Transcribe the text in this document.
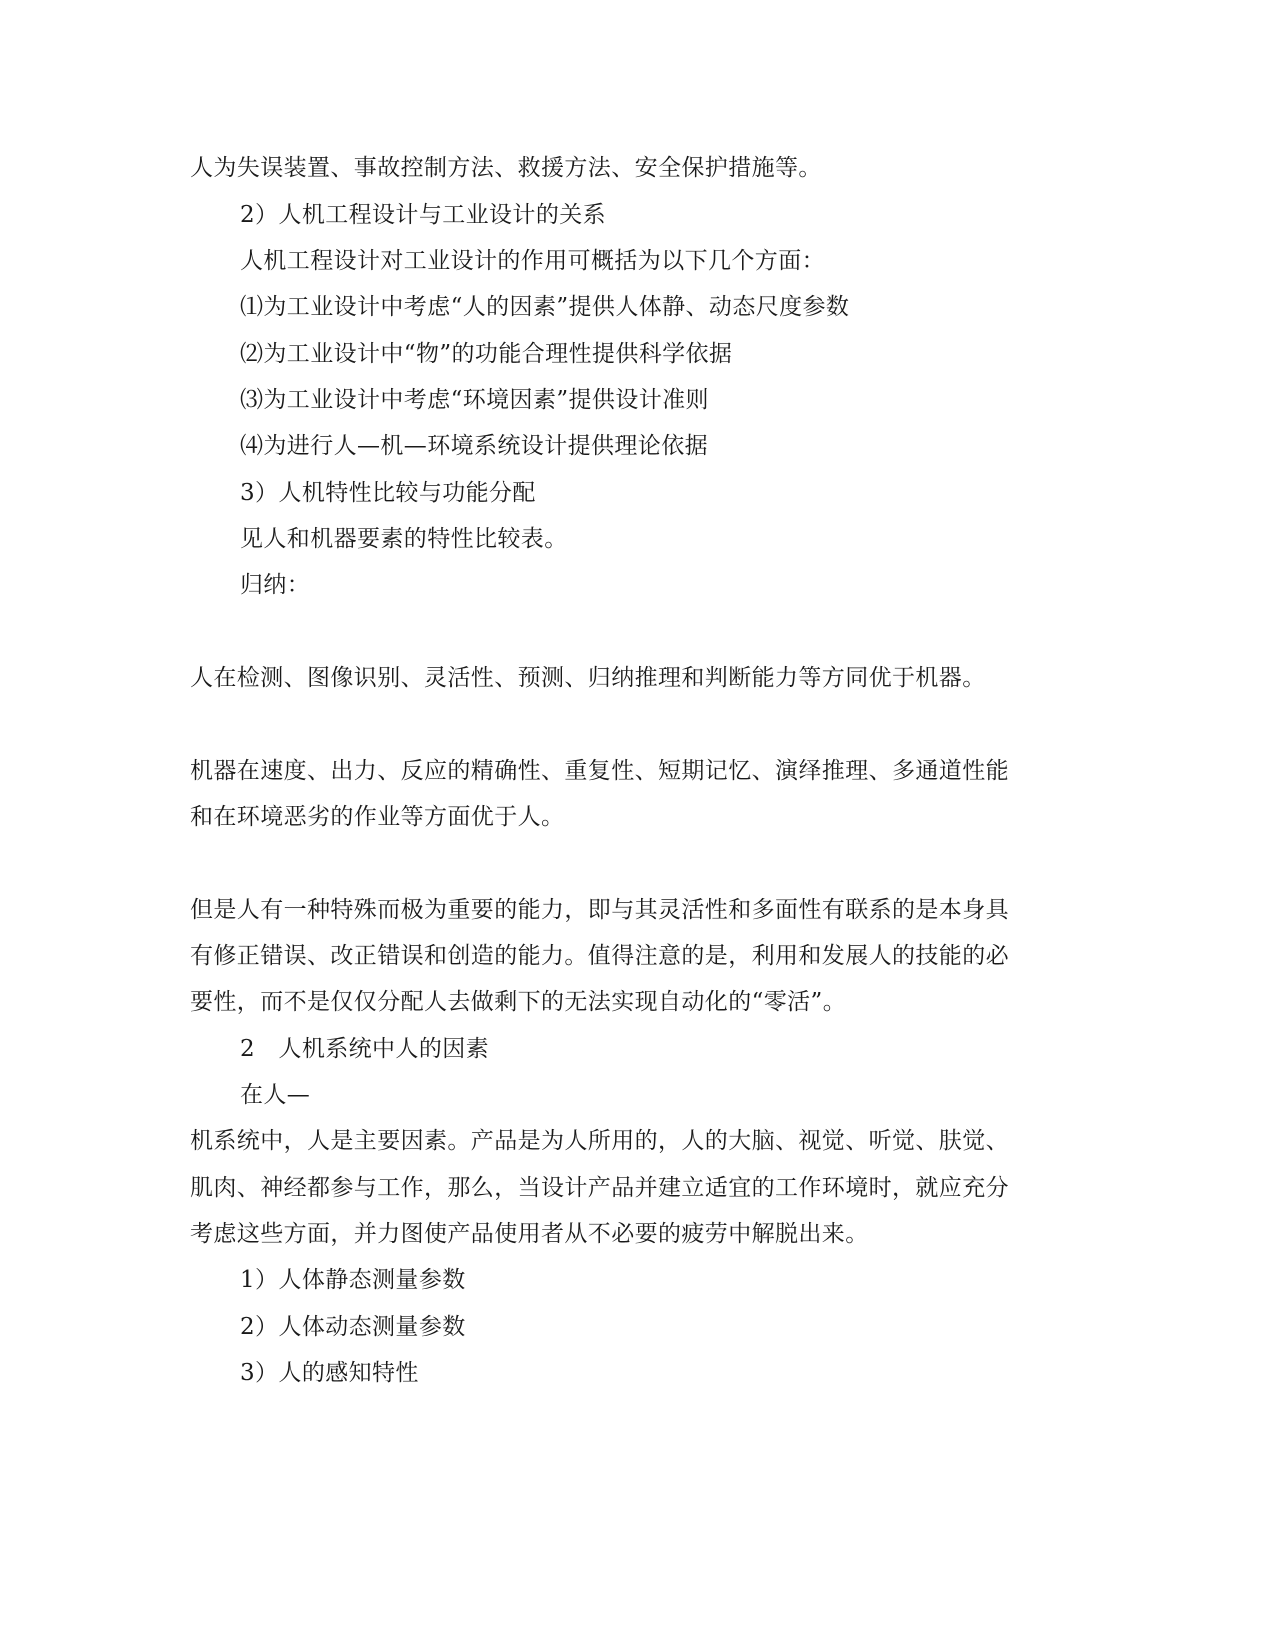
人为失误装置、事故控制方法、救援方法、安全保护措施等。
2）人机工程设计与工业设计的关系
人机工程设计对工业设计的作用可概括为以下几个方面：
⑴为工业设计中考虑“人的因素”提供人体静、动态尺度参数
⑵为工业设计中“物”的功能合理性提供科学依据
⑶为工业设计中考虑“环境因素”提供设计准则
⑷为进行人—机—环境系统设计提供理论依据
3）人机特性比较与功能分配
见人和机器要素的特性比较表。
归纳：
人在检测、图像识别、灵活性、预测、归纳推理和判断能力等方同优于机器。
机器在速度、出力、反应的精确性、重复性、短期记忆、演绎推理、多通道性能
和在环境恶劣的作业等方面优于人。
但是人有一种特殊而极为重要的能力，即与其灵活性和多面性有联系的是本身具
有修正错误、改正错误和创造的能力。值得注意的是，利用和发展人的技能的必
要性，而不是仅仅分配人去做剩下的无法实现自动化的“零活”。
2　人机系统中人的因素
在人—
机系统中，人是主要因素。产品是为人所用的，人的大脑、视觉、听觉、肤觉、
肌肉、神经都参与工作，那么，当设计产品并建立适宜的工作环境时，就应充分
考虑这些方面，并力图使产品使用者从不必要的疲劳中解脱出来。
1）人体静态测量参数
2）人体动态测量参数
3）人的感知特性
